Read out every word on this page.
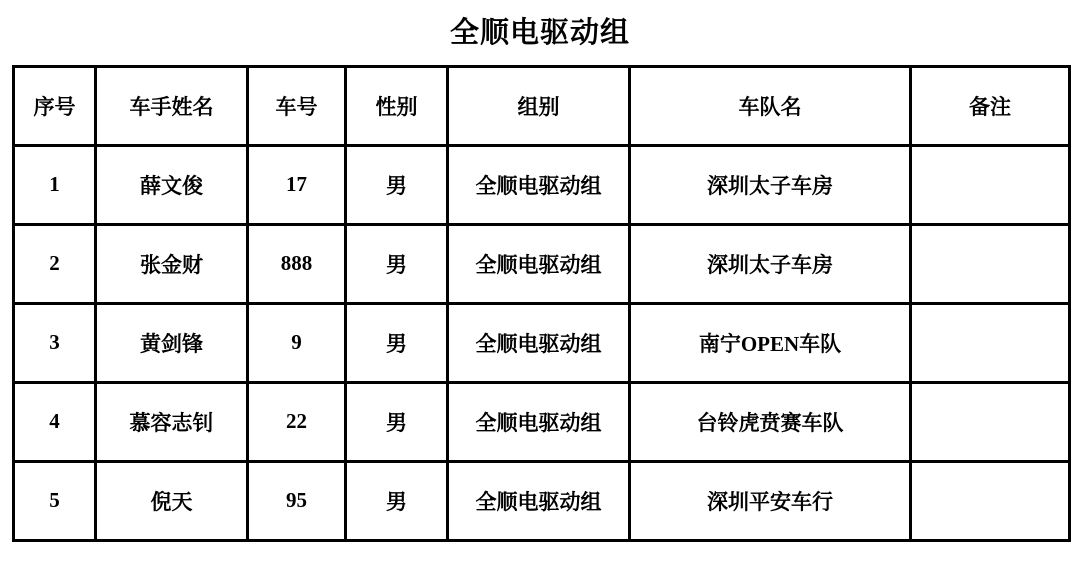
全顺电驱动组
序号	车手姓名	车号	性别	组别	车队名	备注
1	薛文俊	17	男	全顺电驱动组	深圳太子车房	
2	张金财	888	男	全顺电驱动组	深圳太子车房	
3	黄剑锋	9	男	全顺电驱动组	南宁OPEN车队	
4	慕容志钊	22	男	全顺电驱动组	台铃虎贲赛车队	
5	倪天	95	男	全顺电驱动组	深圳平安车行	
